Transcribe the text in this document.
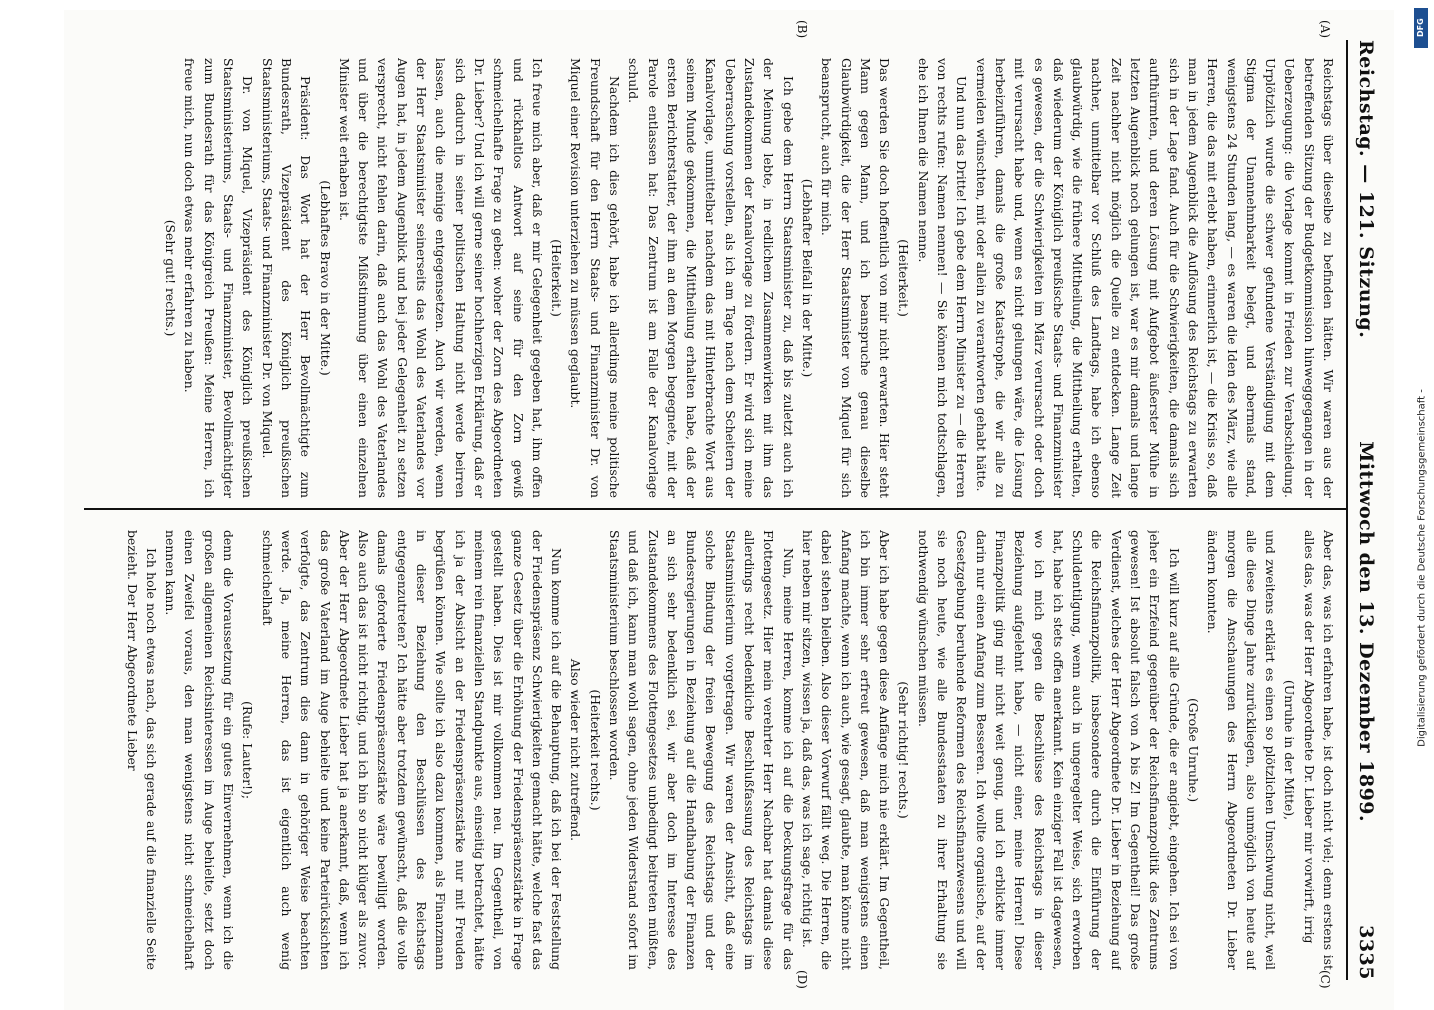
Reichstag. — 121. Sitzung.
Mittwoch den 13. Dezember 1899.
3335
(A)
(B)
(C)
(D)

Reichstags über dieselbe zu befinden hätten. Wir waren aus der betreffenden Sitzung der Budgetkommission hinweggegangen in der Ueberzeugung: die Vorlage kommt in Frieden zur Verabschiedung. Urplötzlich wurde die schwer gefundene Verständigung mit dem Stigma der Unannehmbarkeit belegt, und abermals stand, wenigstens 24 Stunden lang, — es waren die Iden des März, wie alle Herren, die das mit erlebt haben, erinnerlich ist, — die Krisis so, daß man in jedem Augenblick die Auflösung des Reichstags zu erwarten sich in der Lage fand. Auch für die Schwierigkeiten, die damals sich aufthürmten, und deren Lösung mit Aufgebot äußerster Mühe in letzten Augenblick noch gelungen ist, war es mir damals und lange Zeit nachher nicht möglich die Quelle zu entdecken. Lange Zeit nachher, unmittelbar vor Schluß des Landtags, habe ich ebenso glaubwürdig, wie die frühere Mittheilung, die Mittheilung erhalten, daß wiederum der Königlich preußische Staats- und Finanzminister es gewesen, der die Schwierigkeiten im März verursacht oder doch mit verursacht habe und, wenn es nicht gelungen wäre, die Lösung herbeizuführen, damals die große Katastrophe, die wir alle zu vermeiden wünschten, mit oder allein zu verantworten gehabt hätte.

Und nun das Dritte! Ich gebe dem Herrn Minister zu — die Herren von rechts rufen: Namen nennen! — Sie können mich todtschlagen, ehe ich Ihnen die Namen nenne.

(Heiterkeit.)

Das werden Sie doch hoffentlich von mir nicht erwarten. Hier steht Mann gegen Mann, und ich beanspruche genau dieselbe Glaubwürdigkeit, die der Herr Staatsminister von Miquel für sich beansprucht, auch für mich.

(Lebhafter Beifall in der Mitte.)

Ich gebe dem Herrn Staatsminister zu, daß bis zuletzt auch ich der Meinung lebte, in redlichem Zusammenwirken mit ihm das Zustandekommen der Kanalvorlage zu fördern. Er wird sich meine Ueberraschung vorstellen, als ich am Tage nach dem Scheitern der Kanalvorlage, unmittelbar nachdem das mit Hinterbrachte Wort aus seinem Munde gekommen, die Mittheilung erhalten habe, daß der ersten Berichterstatter, der ihm an dem Morgen begegnete, mit der Parole entlassen hat: Das Zentrum ist am Falle der Kanalvorlage schuld.

Nachdem ich dies gehört, habe ich allerdings meine politische Freundschaft für den Herrn Staats- und Finanzminister Dr. von Miquel einer Revision unterziehen zu müssen geglaubt.

(Heiterkeit.)

Ich freue mich aber, daß er mir Gelegenheit gegeben hat, ihm offen und rückhaltlos Antwort auf seine für den Zorn gewiß schmeichelhafte Frage zu geben: woher der Zorn des Abgeordneten Dr. Lieber? Und ich will gerne seiner hochherzigen Erklärung, daß er sich dadurch in seiner politischen Haltung nicht werde beirren lassen, auch die meinige entgegensetzen. Auch wir werden, wenn der Herr Staatsminister seinerseits das Wohl des Vaterlandes vor Augen hat, in jedem Augenblick und bei jeder Gelegenheit zu setzen versprecht, nicht fehlen darin, daß auch das Wohl des Vaterlandes und über die berechtigtste Mißstimmung über einen einzelnen Minister weit erhaben ist.

(Lebhaftes Bravo in der Mitte.)

Präsident: Das Wort hat der Herr Bevollmächtigte zum Bundesrath, Vizepräsident des Königlich preußischen Staatsministeriums, Staats- und Finanzminister Dr. von Miquel.

Dr. von Miquel, Vizepräsident des Königlich preußischen Staatsministeriums, Staats- und Finanzminister, Bevollmächtigter zum Bundesrath für das Königreich Preußen: Meine Herren, ich freue mich, nun doch etwas mehr erfahren zu haben.

(Sehr gut! rechts.)

Aber das, was ich erfahren habe, ist doch nicht viel; denn erstens ist alles das, was der Herr Abgeordnete Dr. Lieber mir vorwirft, irrig

(Unruhe in der Mitte),

und zweitens erklärt es einen so plötzlichen Umschwung nicht, weil alle diese Dinge Jahre zurückliegen, also unmöglich von heute auf morgen die Anschauungen des Herrn Abgeordneten Dr. Lieber ändern konnten.

(Große Unruhe.)

Ich will kurz auf alle Gründe, die er angiebt, eingehen. Ich sei von jeher ein Erzfeind gegenüber der Reichsfinanzpolitik des Zentrums gewesen! Ist absolut falsch von A bis Z! Im Gegentheil! Das große Verdienst, welches der Herr Abgeordnete Dr. Lieber in Beziehung auf die Reichsfinanzpolitik, insbesondere durch die Einführung der Schuldentilgung, wenn auch in ungeregelter Weise, sich erworben hat, habe ich stets offen anerkannt. Kein einziger Fall ist dagewesen, wo ich mich gegen die Beschlüsse des Reichstags in dieser Beziehung aufgelehnt habe, — nicht einer, meine Herren! Diese Finanzpolitik ging mir nicht weit genug, und ich erblickte immer darin nur einen Anfang zum Besseren. Ich wollte organische, auf der Gesetzgebung beruhende Reformen des Reichsfinanzwesens und will sie noch heute, wie alle Bundesstaaten zu ihrer Erhaltung sie nothwendig wünschen müssen.

(Sehr richtig! rechts.)

Aber ich habe gegen diese Anfänge mich nie erklärt. Im Gegentheil, ich bin immer sehr erfreut gewesen, daß man wenigstens einen Anfang machte, wenn ich auch, wie gesagt, glaubte, man könne nicht dabei stehen bleiben. Also dieser Vorwurf fällt weg. Die Herren, die hier neben mir sitzen, wissen ja, daß das, was ich sage, richtig ist.

Nun, meine Herren, komme ich auf die Deckungsfrage für das Flottengesetz. Hier mein verehrter Herr Nachbar hat damals diese allerdings recht bedenkliche Beschlußfassung des Reichstags im Staatsministerium vorgetragen. Wir waren der Ansicht, daß eine solche Bindung der freien Bewegung des Reichstags und der Bundesregierungen in Beziehung auf die Handhabung der Finanzen an sich sehr bedenklich sei, wir aber doch im Interesse des Zustandekommens des Flottengesetzes unbedingt beitreten müßten, und daß ich, kann man wohl sagen, ohne jeden Widerstand sofort im Staatsministerium beschlossen worden.

(Heiterkeit rechts.)

Also wieder nicht zutreffend.

Nun komme ich auf die Behauptung, daß ich bei der Feststellung der Friedenspräsenz Schwierigkeiten gemacht hätte, welche fast das ganze Gesetz über die Erhöhung der Friedenspräsenzstärke in Frage gestellt haben. Dies ist mir vollkommen neu. Im Gegentheil, von meinem rein finanziellen Standpunkte aus, einseitig betrachtet, hätte ich ja der Absicht an der Friedenspräsenzstärke nur mit Freuden begrüßen können. Wie sollte ich also dazu kommen, als Finanzmann in dieser Beziehung den Beschlüssen des Reichstags entgegenzutreten? Ich hätte aber trotzdem gewünscht, daß die volle damals geforderte Friedenspräsenzstärke wäre bewilligt worden. Also auch das ist nicht richtig, und ich bin so nicht klüger als zuvor. Aber der Herr Abgeordnete Lieber hat ja anerkannt, daß, wenn ich das große Vaterland im Auge behielte und keine Parteirücksichten verfolgte, das Zentrum dies dann in gehöriger Weise beachten werde. Ja, meine Herren, das ist eigentlich auch wenig schmeichelhaft

(Rufe: Lauter!);

denn die Voraussetzung für ein gutes Einvernehmen, wenn ich die großen allgemeinen Reichsinteressen im Auge behielte, setzt doch einen Zweifel voraus, den man wenigstens nicht schmeichelhaft nennen kann.

Ich hole noch etwas nach, das sich gerade auf die finanzielle Seite bezieht. Der Herr Abgeordnete Lieber

DFG
Digitalisierung gefördert durch die Deutsche Forschungsgemeinschaft -
